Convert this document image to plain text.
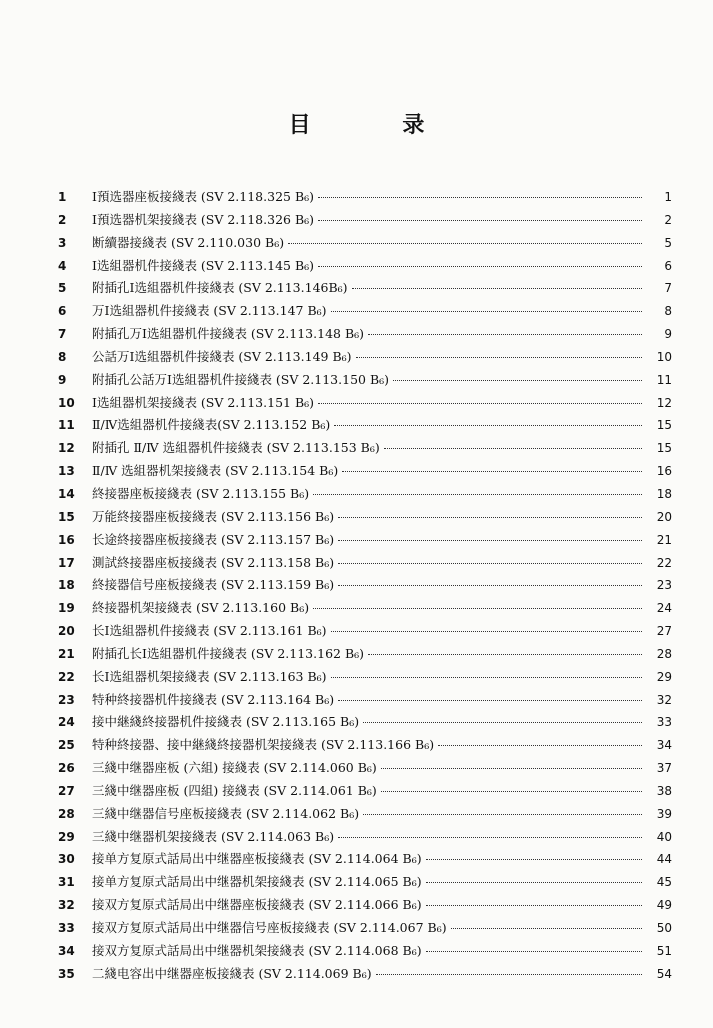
目 录
1	Ⅰ預选器座板接綫表 (SV 2.118.325 B₆)	1
2	Ⅰ預选器机架接綫表 (SV 2.118.326 B₆)	2
3	断續器接綫表 (SV 2.110.030 B₆)	5
4	Ⅰ选組器机件接綫表 (SV 2.113.145 B₆)	6
5	附插孔Ⅰ选組器机件接綫表 (SV 2.113.146B₆)	7
6	万Ⅰ选組器机件接綫表 (SV 2.113.147 B₆)	8
7	附插孔万Ⅰ选組器机件接綫表 (SV 2.113.148 B₆)	9
8	公話万Ⅰ选組器机件接綫表 (SV 2.113.149 B₆)	10
9	附插孔公話万Ⅰ选組器机件接綫表 (SV 2.113.150 B₆)	11
10	Ⅰ选組器机架接綫表 (SV 2.113.151 B₆)	12
11	Ⅱ/Ⅳ选組器机件接綫表(SV 2.113.152 B₆)	15
12	附插孔 Ⅱ/Ⅳ 选組器机件接綫表 (SV 2.113.153 B₆)	15
13	Ⅱ/Ⅳ 选組器机架接綫表 (SV 2.113.154 B₆)	16
14	終接器座板接綫表 (SV 2.113.155 B₆)	18
15	万能終接器座板接綫表 (SV 2.113.156 B₆)	20
16	长途終接器座板接綫表 (SV 2.113.157 B₆)	21
17	測試終接器座板接綫表 (SV 2.113.158 B₆)	22
18	終接器信号座板接綫表 (SV 2.113.159 B₆)	23
19	終接器机架接綫表 (SV 2.113.160 B₆)	24
20	长Ⅰ选組器机件接綫表 (SV 2.113.161 B₆)	27
21	附插孔长Ⅰ选組器机件接綫表 (SV 2.113.162 B₆)	28
22	长Ⅰ选組器机架接綫表 (SV 2.113.163 B₆)	29
23	特种終接器机件接綫表 (SV 2.113.164 B₆)	32
24	接中継綫終接器机件接綫表 (SV 2.113.165 B₆)	33
25	特种終接器、接中継綫終接器机架接綫表 (SV 2.113.166 B₆)	34
26	三綫中继器座板 (六組) 接綫表 (SV 2.114.060 B₆)	37
27	三綫中继器座板 (四組) 接綫表 (SV 2.114.061 B₆)	38
28	三綫中继器信号座板接綫表 (SV 2.114.062 B₆)	39
29	三綫中继器机架接綫表 (SV 2.114.063 B₆)	40
30	接单方复原式話局出中继器座板接綫表 (SV 2.114.064 B₆)	44
31	接单方复原式話局出中继器机架接綫表 (SV 2.114.065 B₆)	45
32	接双方复原式話局出中继器座板接綫表 (SV 2.114.066 B₆)	49
33	接双方复原式話局出中继器信号座板接綫表 (SV 2.114.067 B₆)	50
34	接双方复原式話局出中继器机架接綫表 (SV 2.114.068 B₆)	51
35	二綫电容出中继器座板接綫表 (SV 2.114.069 B₆)	54
